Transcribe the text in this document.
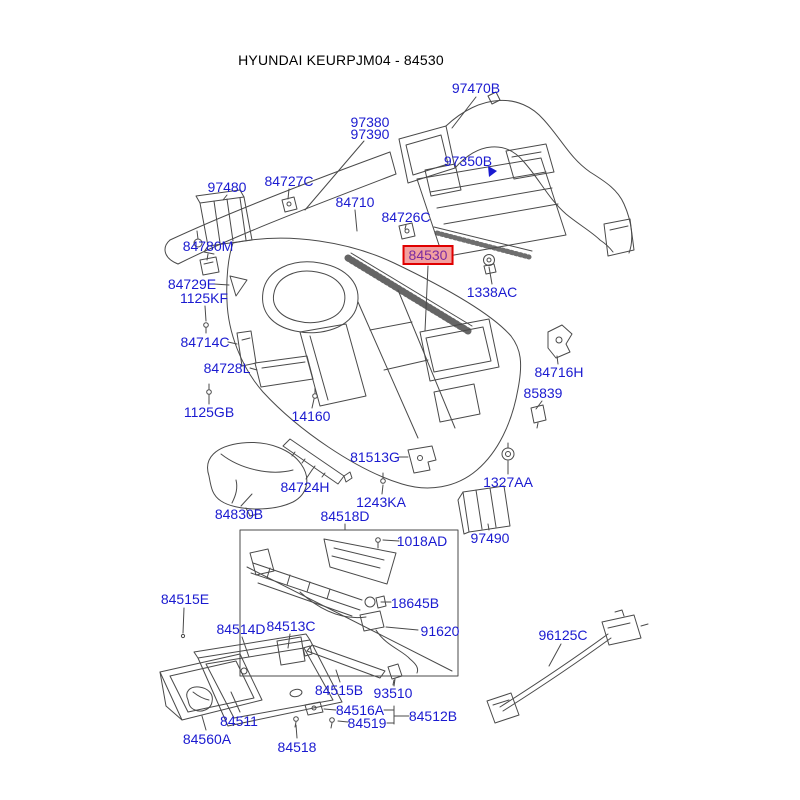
HYUNDAI KEURPJM04 - 84530
97470B
97380
97390
97350B
84727C
97480
84710
84726C
84780M
84530
84729E	1338AC
1125KF
84714C
84728L	84716H
85839
1125GB	14160
81513G
1327AA
84724H
1243KA
84830B	84518D
1018AD 97490
84515E	18645B
84514D 84513C	91620	96125C
84515B 93510
84516A 84512B
84511	84519
84560A	84518
